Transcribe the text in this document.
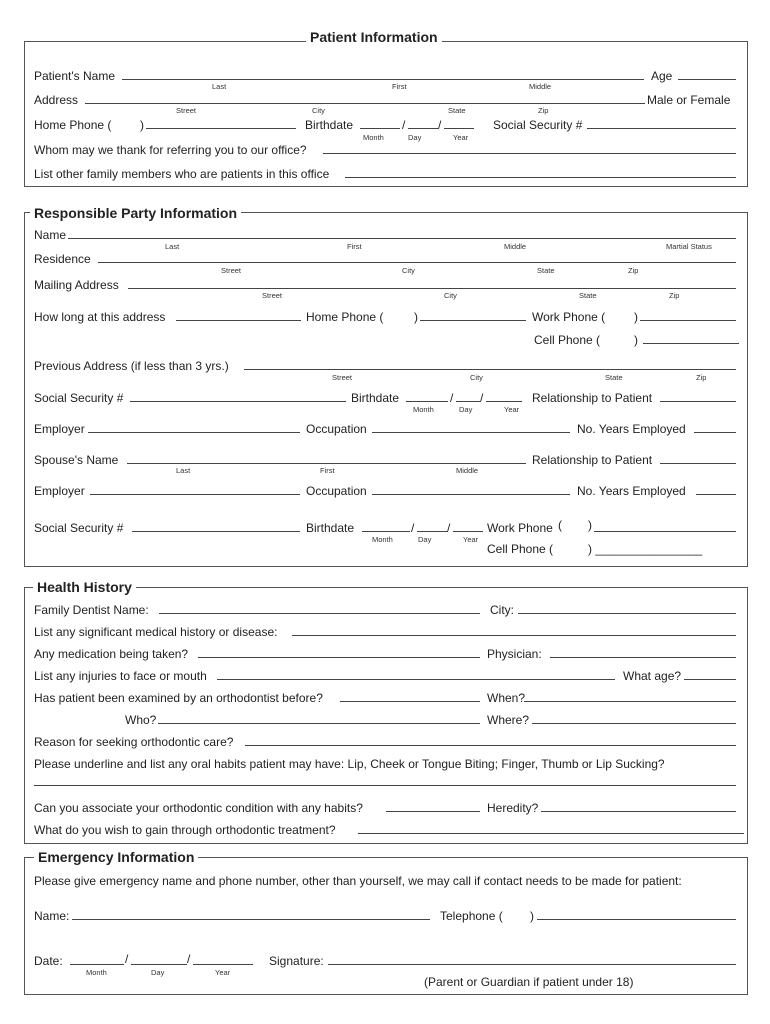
Patient Information
Patient's Name	Age
Last	First	Middle
Address	Male or Female
Street	City	State	Zip
Home Phone ( )	Birthdate	/	/	Social Security #
Month	Day	Year
Whom may we thank for referring you to our office?
List other family members who are patients in this office
Responsible Party Information
Name
Last	First	Middle	Martial Status
Residence
Street	City	State	Zip
Mailing Address
Street	City	State	Zip
How long at this address	Home Phone (	)	Work Phone ( )
Cell Phone (	)
Previous Address (if less than 3 yrs.)
Street	City	State	Zip
Social Security #	Birthdate	/ /	Relationship to Patient
Month	Day	Year
Employer	Occupation	No. Years Employed
Spouse's Name	Relationship to Patient
Last	First	Middle
Employer	Occupation	No. Years Employed
Social Security #	Birthdate	/	/	Work Phone ( )
Month	Day	Year
Cell Phone (	) ________________
Health History
Family Dentist Name:	City:
List any significant medical history or disease:
Any medication being taken?	Physician:
List any injuries to face or mouth	What age?
Has patient been examined by an orthodontist before?	When?
Who?	Where?
Reason for seeking orthodontic care?
Please underline and list any oral habits patient may have: Lip, Cheek or Tongue Biting; Finger, Thumb or Lip Sucking?
Can you associate your orthodontic condition with any habits?	Heredity?
What do you wish to gain through orthodontic treatment?
Emergency Information
Please give emergency name and phone number, other than yourself, we may call if contact needs to be made for patient:
Name:	Telephone ( )
Date:	/	/
Month	Day	Year
Signature:
(Parent or Guardian if patient under 18)
